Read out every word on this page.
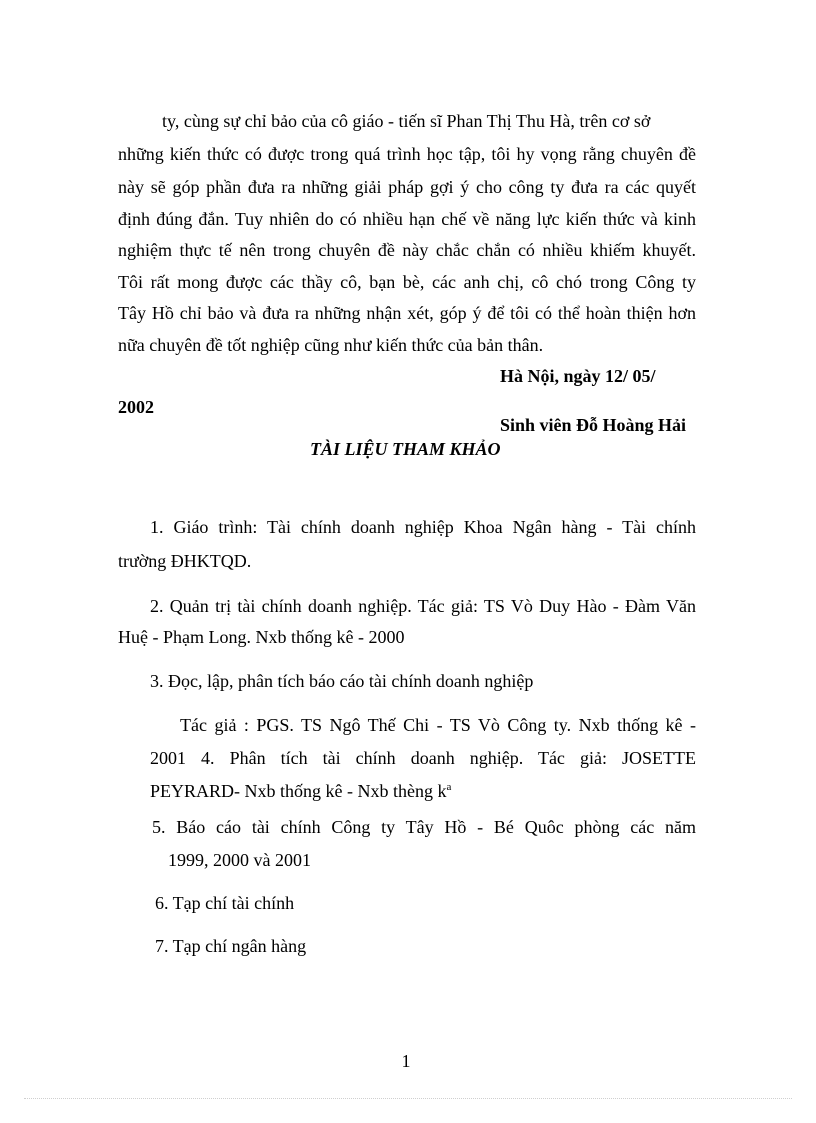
ty, cùng sự chỉ bảo của cô giáo - tiến sĩ Phan Thị Thu Hà, trên cơ sở
những kiến thức có được trong quá trình học tập, tôi hy vọng rằng chuyên đề
này sẽ góp phần đưa ra những giải pháp gợi ý cho công ty đưa ra các quyết
định đúng đắn. Tuy nhiên do có nhiều hạn chế về năng lực kiến thức và kinh
nghiệm thực tế nên trong chuyên đề này chắc chắn có nhiều khiếm khuyết.
Tôi rất mong được các thầy cô, bạn bè, các anh chị, cô chó trong Công ty
Tây Hồ chỉ bảo và đưa ra những nhận xét, góp ý để tôi có thể hoàn thiện hơn
nữa chuyên đề tốt nghiệp cũng như kiến thức của bản thân.
Hà Nội, ngày 12/ 05/
2002
Sinh viên Đỗ Hoàng Hải
TÀI LIỆU THAM KHẢO
1. Giáo trình: Tài chính doanh nghiệp Khoa Ngân hàng - Tài chính
trường ĐHKTQD.
2. Quản trị tài chính doanh nghiệp. Tác giả: TS Vò Duy Hào - Đàm Văn
Huệ - Phạm Long. Nxb thống kê - 2000
3. Đọc, lập, phân tích báo cáo tài chính doanh nghiệp
Tác giả : PGS. TS Ngô Thế Chi - TS Vò Công ty. Nxb thống kê -
2001 4. Phân tích tài chính doanh nghiệp. Tác giả: JOSETTE
PEYRARD- Nxb thống kê - Nxb thèng $k^a$
5. Báo cáo tài chính Công ty Tây Hồ - Bé Quôc phòng các năm
1999, 2000 và 2001
6. Tạp chí tài chính
7. Tạp chí ngân hàng
1
